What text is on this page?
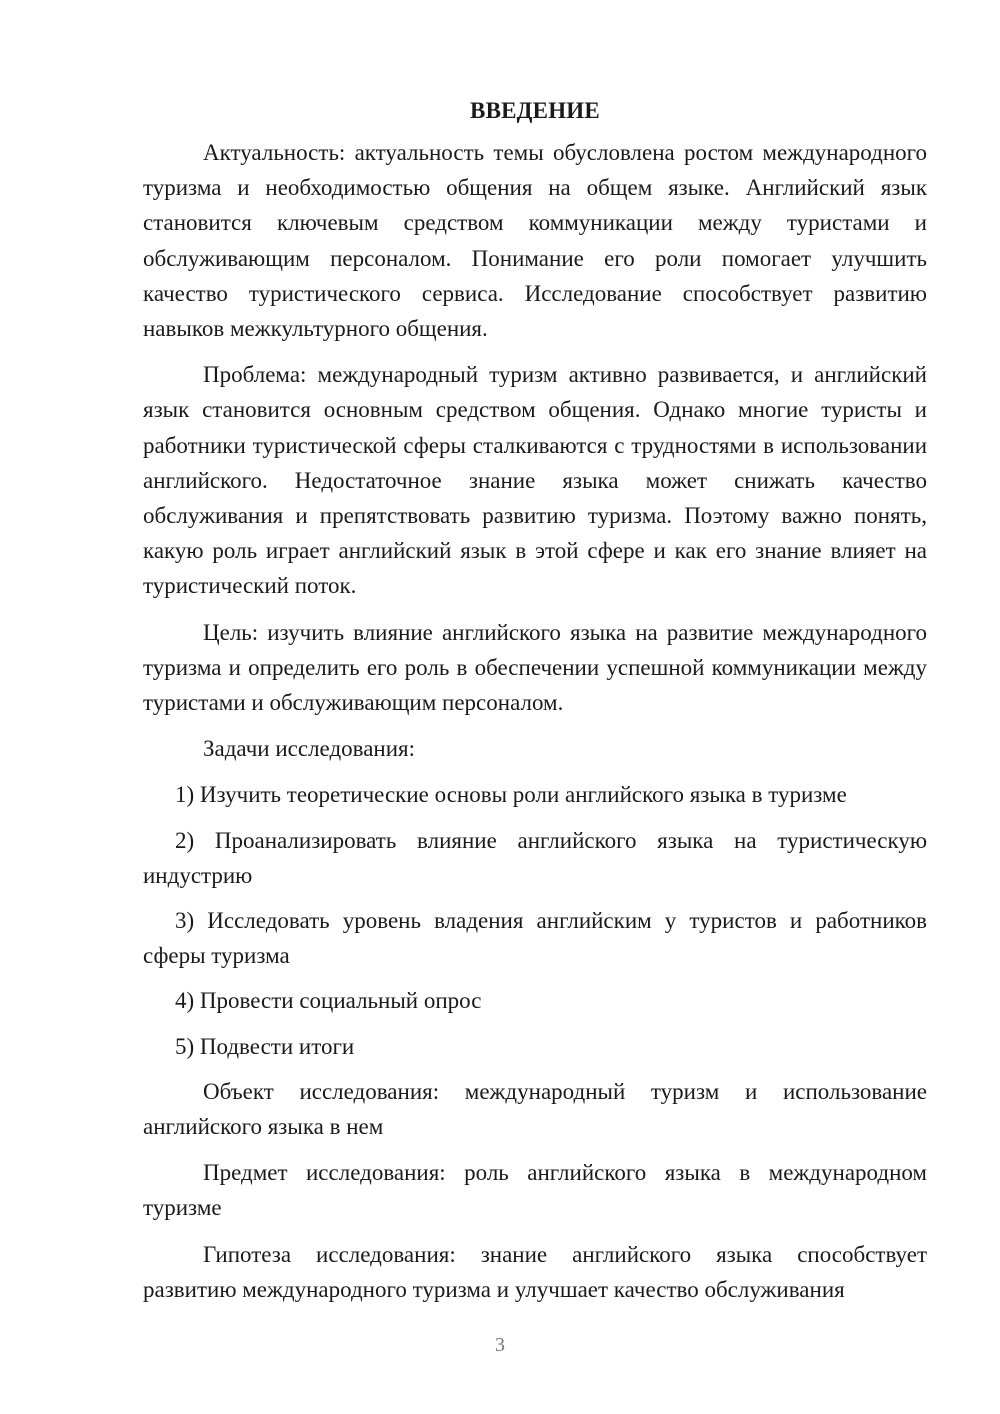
ВВЕДЕНИЕ

Актуальность: актуальность темы обусловлена ростом международного туризма и необходимостью общения на общем языке. Английский язык становится ключевым средством коммуникации между туристами и обслуживающим персоналом. Понимание его роли помогает улучшить качество туристического сервиса. Исследование способствует развитию навыков межкультурного общения.

Проблема: международный туризм активно развивается, и английский язык становится основным средством общения. Однако многие туристы и работники туристической сферы сталкиваются с трудностями в использовании английского. Недостаточное знание языка может снижать качество обслуживания и препятствовать развитию туризма. Поэтому важно понять, какую роль играет английский язык в этой сфере и как его знание влияет на туристический поток.

Цель: изучить влияние английского языка на развитие международного туризма и определить его роль в обеспечении успешной коммуникации между туристами и обслуживающим персоналом.

Задачи исследования:

1) Изучить теоретические основы роли английского языка в туризме

2) Проанализировать влияние английского языка на туристическую индустрию

3) Исследовать уровень владения английским у туристов и работников сферы туризма

4) Провести социальный опрос

5) Подвести итоги

Объект исследования: международный туризм и использование английского языка в нем

Предмет исследования: роль английского языка в международном туризме

Гипотеза исследования: знание английского языка способствует развитию международного туризма и улучшает качество обслуживания

3
